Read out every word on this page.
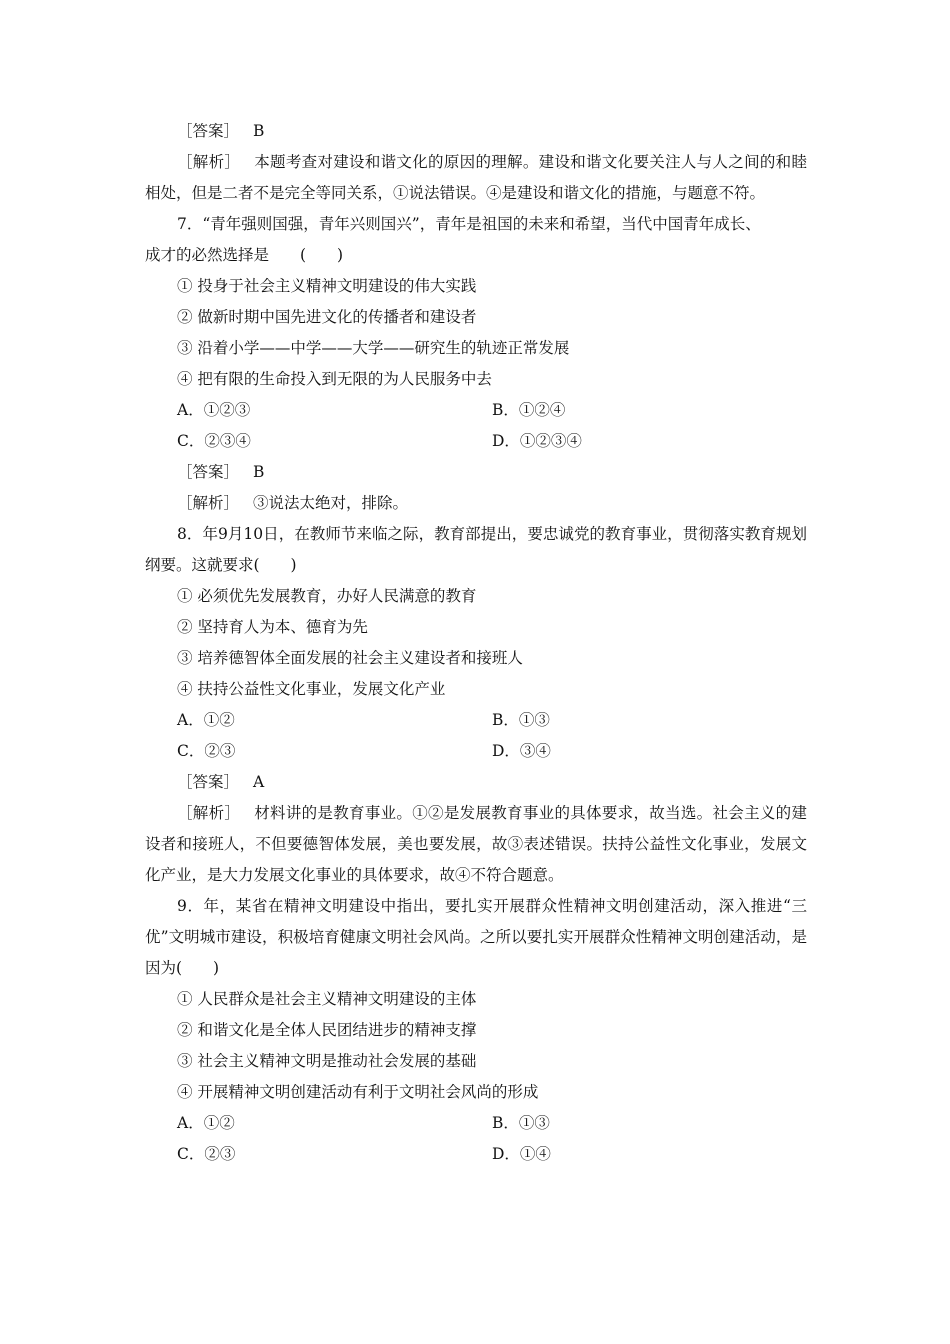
［答案］ B
［解析］ 本题考查对建设和谐文化的原因的理解。建设和谐文化要关注人与人之间的和睦相处，但是二者不是完全等同关系，①说法错误。④是建设和谐文化的措施，与题意不符。
7．“青年强则国强，青年兴则国兴”，青年是祖国的未来和希望，当代中国青年成长、
成才的必然选择是　　(　　)
① 投身于社会主义精神文明建设的伟大实践
② 做新时期中国先进文化的传播者和建设者
③ 沿着小学——中学——大学——研究生的轨迹正常发展
④ 把有限的生命投入到无限的为人民服务中去
A．①②③	B．①②④
C．②③④	D．①②③④
［答案］ B
［解析］ ③说法太绝对，排除。
8．年9月10日，在教师节来临之际，教育部提出，要忠诚党的教育事业，贯彻落实教育规划纲要。这就要求(　　)
① 必须优先发展教育，办好人民满意的教育
② 坚持育人为本、德育为先
③ 培养德智体全面发展的社会主义建设者和接班人
④ 扶持公益性文化事业，发展文化产业
A．①②	B．①③
C．②③	D．③④
［答案］ A
［解析］ 材料讲的是教育事业。①②是发展教育事业的具体要求，故当选。社会主义的建设者和接班人，不但要德智体发展，美也要发展，故③表述错误。扶持公益性文化事业，发展文化产业，是大力发展文化事业的具体要求，故④不符合题意。
9．年，某省在精神文明建设中指出，要扎实开展群众性精神文明创建活动，深入推进“三优”文明城市建设，积极培育健康文明社会风尚。之所以要扎实开展群众性精神文明创建活动，是因为(　　)
① 人民群众是社会主义精神文明建设的主体
② 和谐文化是全体人民团结进步的精神支撑
③ 社会主义精神文明是推动社会发展的基础
④ 开展精神文明创建活动有利于文明社会风尚的形成
A．①②	B．①③
C．②③	D．①④
